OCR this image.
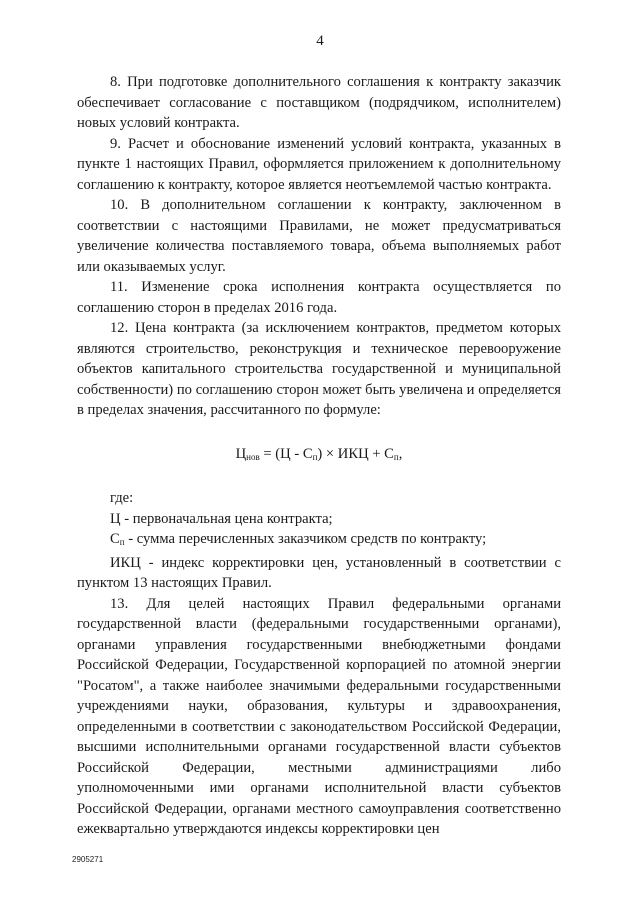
4

8. При подготовке дополнительного соглашения к контракту заказчик обеспечивает согласование с поставщиком (подрядчиком, исполнителем) новых условий контракта.

9. Расчет и обоснование изменений условий контракта, указанных в пункте 1 настоящих Правил, оформляется приложением к дополнительному соглашению к контракту, которое является неотъемлемой частью контракта.

10. В дополнительном соглашении к контракту, заключенном в соответствии с настоящими Правилами, не может предусматриваться увеличение количества поставляемого товара, объема выполняемых работ или оказываемых услуг.

11. Изменение срока исполнения контракта осуществляется по соглашению сторон в пределах 2016 года.

12. Цена контракта (за исключением контрактов, предметом которых являются строительство, реконструкция и техническое перевооружение объектов капитального строительства государственной и муниципальной собственности) по соглашению сторон может быть увеличена и определяется в пределах значения, рассчитанного по формуле:

$Ц_{нов} = (Ц - С_п)$ × ИКЦ + $С_п$,

где:

Ц - первоначальная цена контракта;

$С_п$ - сумма перечисленных заказчиком средств по контракту;

ИКЦ - индекс корректировки цен, установленный в соответствии с пунктом 13 настоящих Правил.

13. Для целей настоящих Правил федеральными органами государственной власти (федеральными государственными органами), органами управления государственными внебюджетными фондами Российской Федерации, Государственной корпорацией по атомной энергии "Росатом", а также наиболее значимыми федеральными государственными учреждениями науки, образования, культуры и здравоохранения, определенными в соответствии с законодательством Российской Федерации, высшими исполнительными органами государственной власти субъектов Российской Федерации, местными администрациями либо уполномоченными ими органами исполнительной власти субъектов Российской Федерации, органами местного самоуправления соответственно ежеквартально утверждаются индексы корректировки цен

2905271
